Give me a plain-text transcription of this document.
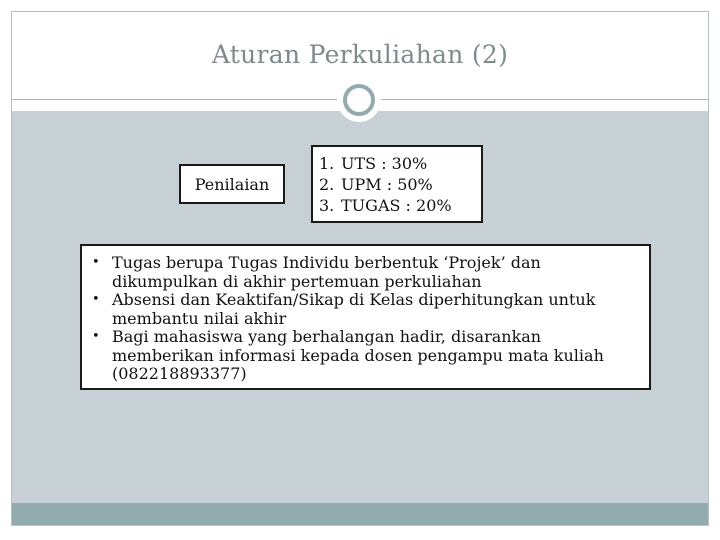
Aturan Perkuliahan (2)
Penilaian
1. UTS : 30%
2. UPM : 50%
3. TUGAS : 20%
• Tugas berupa Tugas Individu berbentuk ‘Projek’ dan dikumpulkan di akhir pertemuan perkuliahan
• Absensi dan Keaktifan/Sikap di Kelas diperhitungkan untuk membantu nilai akhir
• Bagi mahasiswa yang berhalangan hadir, disarankan memberikan informasi kepada dosen pengampu mata kuliah (082218893377)
